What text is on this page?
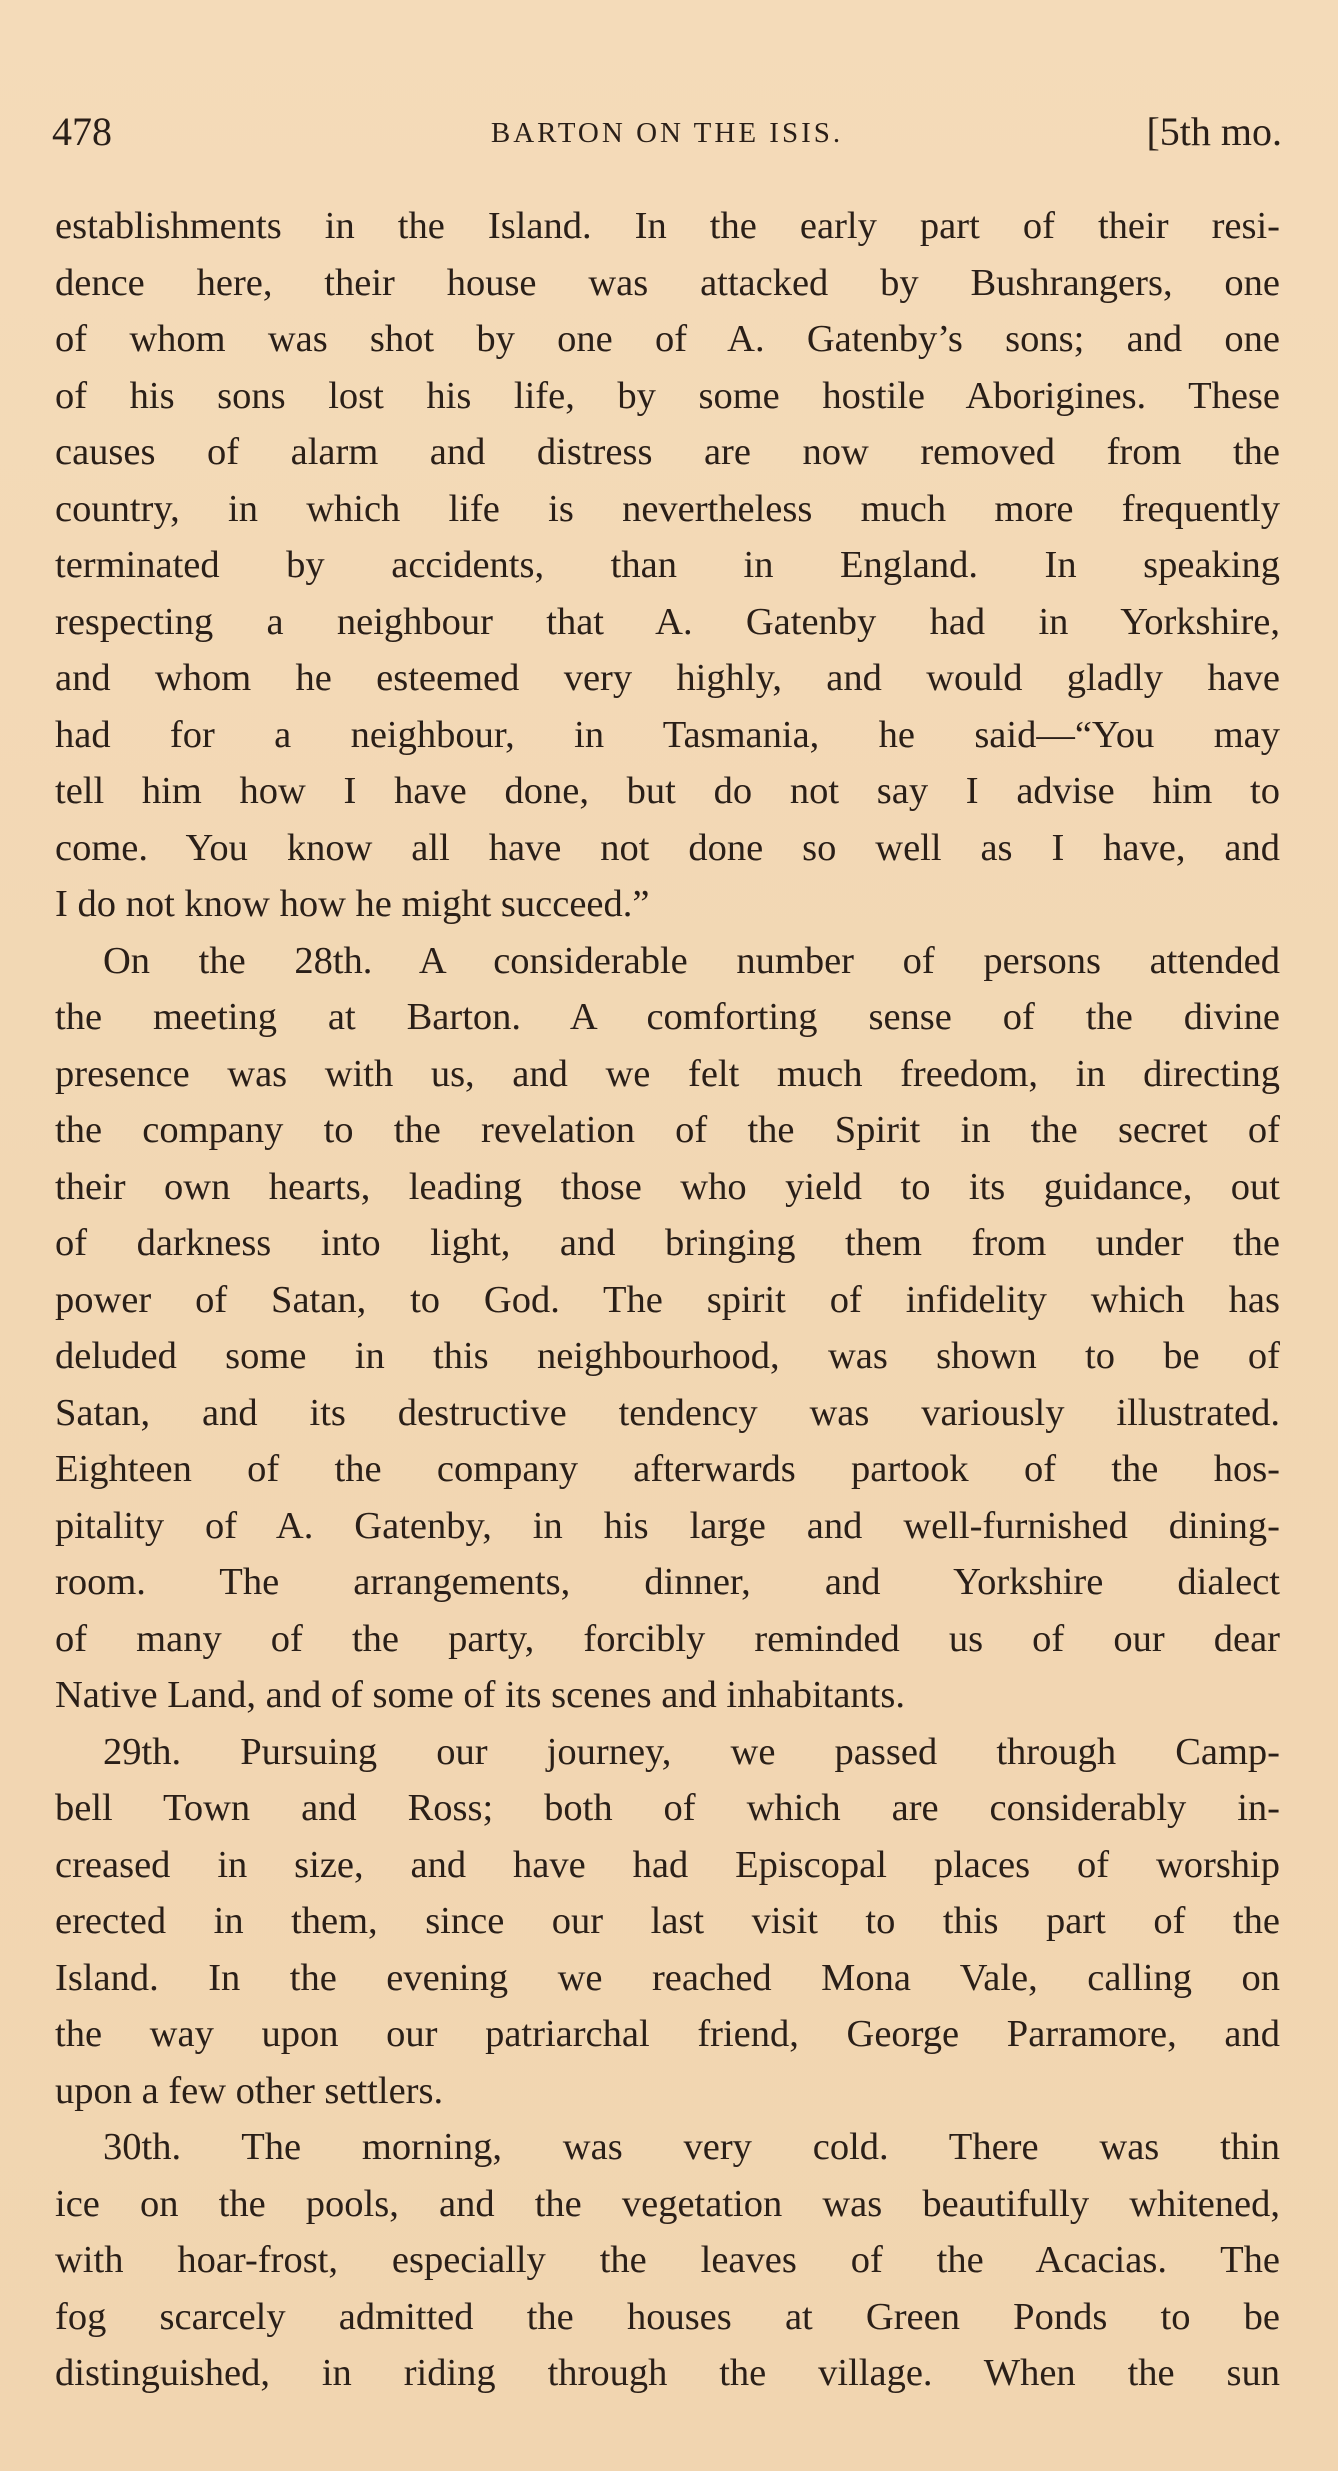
478	BARTON ON THE ISIS.	[5th mo.
establishments in the Island. In the early part of their resi-
dence here, their house was attacked by Bushrangers, one
of whom was shot by one of A. Gatenby’s sons; and one
of his sons lost his life, by some hostile Aborigines. These
causes of alarm and distress are now removed from the
country, in which life is nevertheless much more frequently
terminated by accidents, than in England. In speaking
respecting a neighbour that A. Gatenby had in Yorkshire,
and whom he esteemed very highly, and would gladly have
had for a neighbour, in Tasmania, he said—“You may
tell him how I have done, but do not say I advise him to
come. You know all have not done so well as I have, and
I do not know how he might succeed.”
On the 28th. A considerable number of persons attended
the meeting at Barton. A comforting sense of the divine
presence was with us, and we felt much freedom, in directing
the company to the revelation of the Spirit in the secret of
their own hearts, leading those who yield to its guidance, out
of darkness into light, and bringing them from under the
power of Satan, to God. The spirit of infidelity which has
deluded some in this neighbourhood, was shown to be of
Satan, and its destructive tendency was variously illustrated.
Eighteen of the company afterwards partook of the hos-
pitality of A. Gatenby, in his large and well-furnished dining-
room. The arrangements, dinner, and Yorkshire dialect
of many of the party, forcibly reminded us of our dear
Native Land, and of some of its scenes and inhabitants.
29th. Pursuing our journey, we passed through Camp-
bell Town and Ross; both of which are considerably in-
creased in size, and have had Episcopal places of worship
erected in them, since our last visit to this part of the
Island. In the evening we reached Mona Vale, calling on
the way upon our patriarchal friend, George Parramore, and
upon a few other settlers.
30th. The morning, was very cold. There was thin
ice on the pools, and the vegetation was beautifully whitened,
with hoar-frost, especially the leaves of the Acacias. The
fog scarcely admitted the houses at Green Ponds to be
distinguished, in riding through the village. When the sun
